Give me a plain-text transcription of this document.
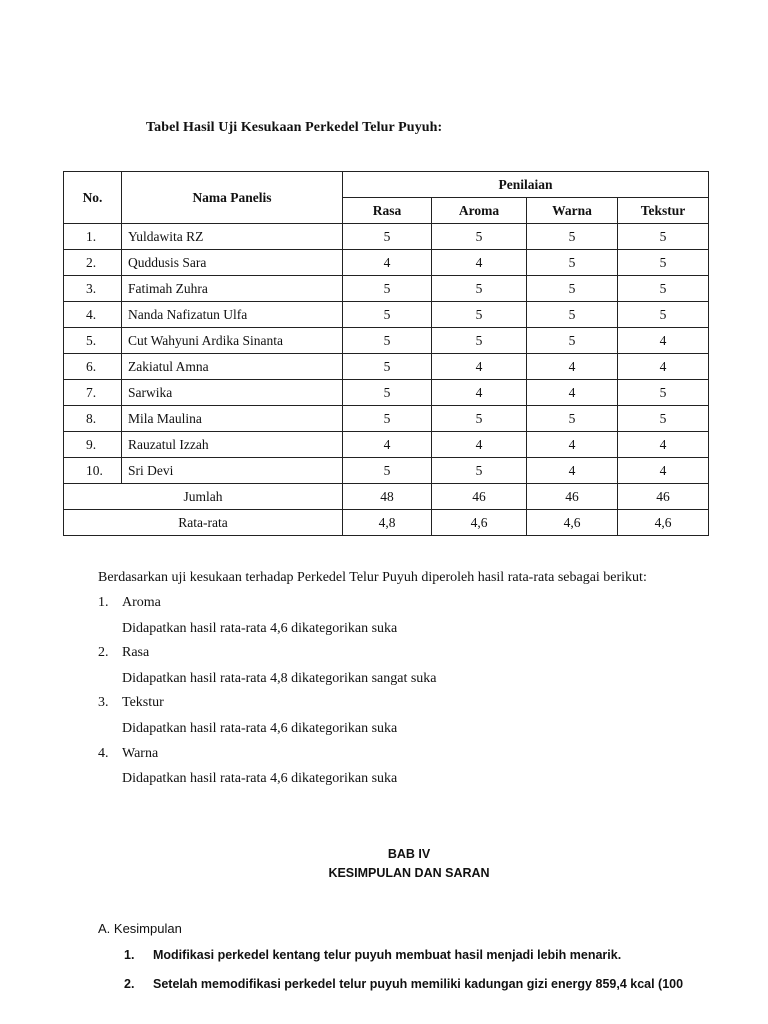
Tabel Hasil Uji Kesukaan Perkedel Telur Puyuh:
No.	Nama Panelis	Penilaian			
		Rasa	Aroma	Warna	Tekstur
1.	Yuldawita RZ	5	5	5	5
2.	Quddusis Sara	4	4	5	5
3.	Fatimah Zuhra	5	5	5	5
4.	Nanda Nafizatun Ulfa	5	5	5	5
5.	Cut Wahyuni Ardika Sinanta	5	5	5	4
6.	Zakiatul Amna	5	4	4	4
7.	Sarwika	5	4	4	5
8.	Mila Maulina	5	5	5	5
9.	Rauzatul Izzah	4	4	4	4
10.	Sri Devi	5	5	4	4
Jumlah		48	46	46	46
Rata-rata		4,8	4,6	4,6	4,6
Berdasarkan uji kesukaan terhadap Perkedel Telur Puyuh diperoleh hasil rata-rata sebagai berikut:
1. Aroma
Didapatkan hasil rata-rata 4,6 dikategorikan suka
2. Rasa
Didapatkan hasil rata-rata 4,8 dikategorikan sangat suka
3. Tekstur
Didapatkan hasil rata-rata 4,6 dikategorikan suka
4. Warna
Didapatkan hasil rata-rata 4,6 dikategorikan suka
BAB IV
KESIMPULAN DAN SARAN
A. Kesimpulan
1. Modifikasi perkedel kentang telur puyuh membuat hasil menjadi lebih menarik.
2. Setelah memodifikasi perkedel telur puyuh memiliki kadungan gizi energy 859,4 kcal (100
